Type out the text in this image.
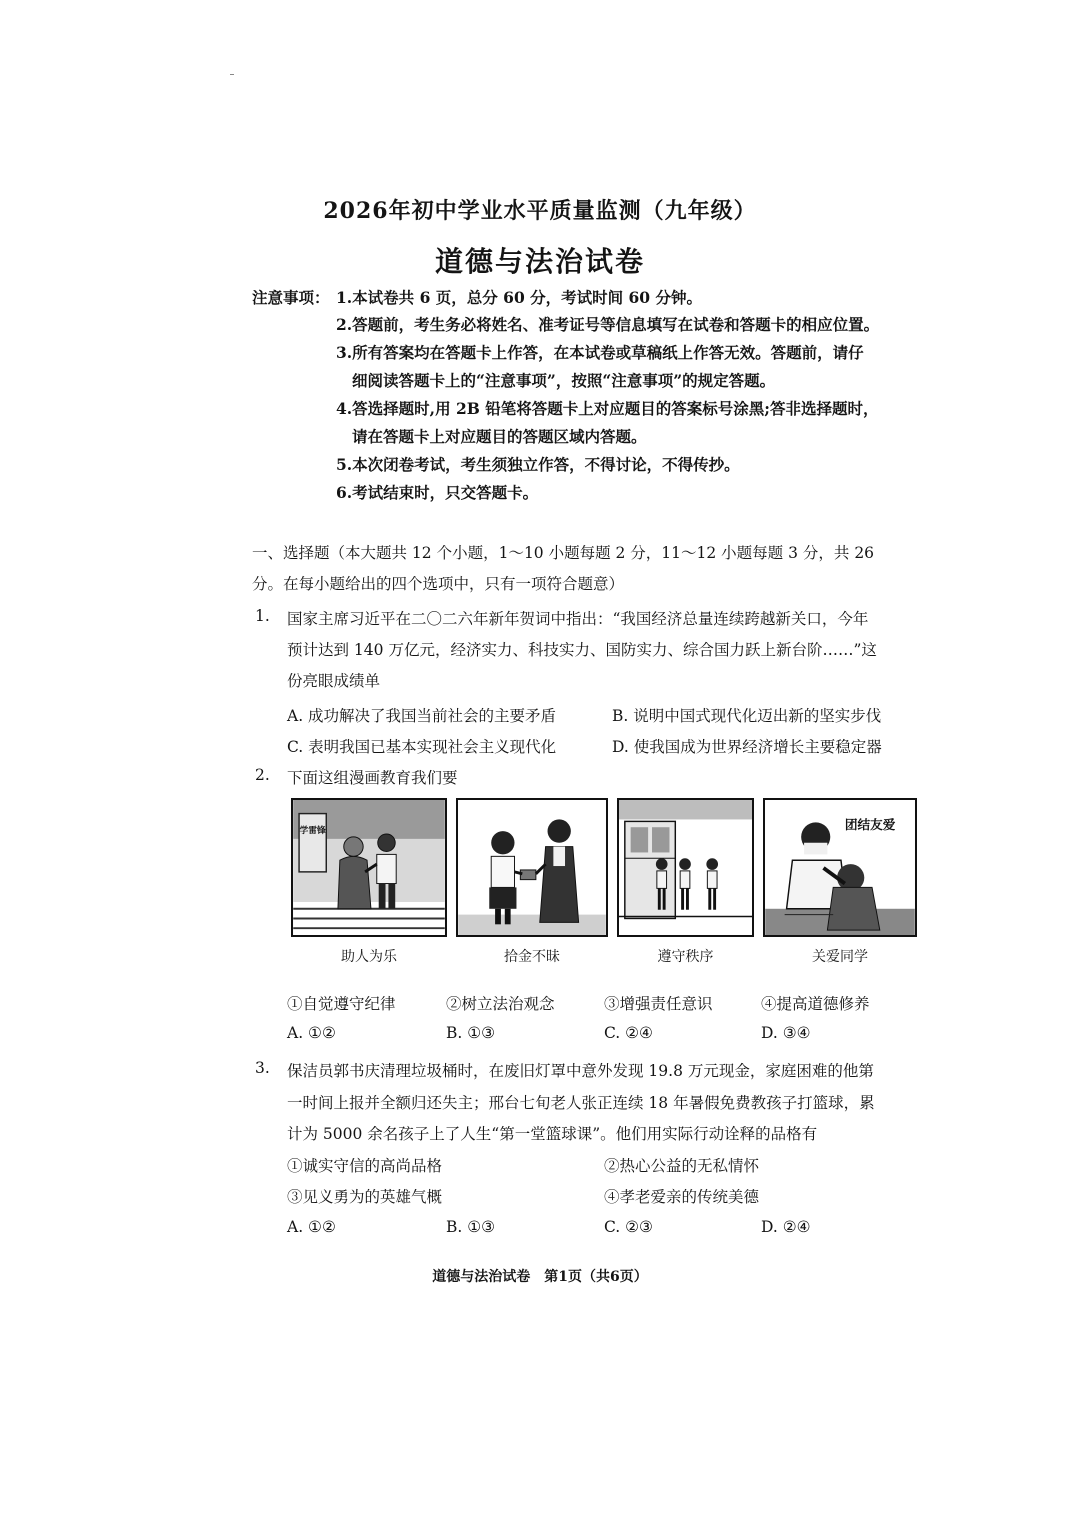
2026年初中学业水平质量监测（九年级）
道德与法治试卷
注意事项： 1.本试卷共 6 页，总分 60 分，考试时间 60 分钟。
2.答题前，考生务必将姓名、准考证号等信息填写在试卷和答题卡的相应位置。
3.所有答案均在答题卡上作答，在本试卷或草稿纸上作答无效。答题前，请仔
细阅读答题卡上的“注意事项”，按照“注意事项”的规定答题。
4.答选择题时,用 2B 铅笔将答题卡上对应题目的答案标号涂黑;答非选择题时，
请在答题卡上对应题目的答题区域内答题。
5.本次闭卷考试，考生须独立作答，不得讨论，不得传抄。
6.考试结束时，只交答题卡。
一、选择题（本大题共 12 个小题，1～10 小题每题 2 分，11～12 小题每题 3 分，共 26
分。在每小题给出的四个选项中，只有一项符合题意）
1. 国家主席习近平在二〇二六年新年贺词中指出：“我国经济总量连续跨越新关口，今年
预计达到 140 万亿元，经济实力、科技实力、国防实力、综合国力跃上新台阶……”这
份亮眼成绩单
A. 成功解决了我国当前社会的主要矛盾	B. 说明中国式现代化迈出新的坚实步伐
C. 表明我国已基本实现社会主义现代化	D. 使我国成为世界经济增长主要稳定器
2. 下面这组漫画教育我们要
学雷锋	团结友爱
助人为乐	拾金不昧	遵守秩序	关爱同学
①自觉遵守纪律	②树立法治观念	③增强责任意识	④提高道德修养
A. ①②	B. ①③	C. ②④	D. ③④
3. 保洁员郭书庆清理垃圾桶时，在废旧灯罩中意外发现 19.8 万元现金，家庭困难的他第
一时间上报并全额归还失主；邢台七旬老人张正连续 18 年暑假免费教孩子打篮球，累
计为 5000 余名孩子上了人生“第一堂篮球课”。他们用实际行动诠释的品格有
①诚实守信的高尚品格	②热心公益的无私情怀
③见义勇为的英雄气概	④孝老爱亲的传统美德
A. ①②	B. ①③	C. ②③	D. ②④
道德与法治试卷　第1页（共6页）
